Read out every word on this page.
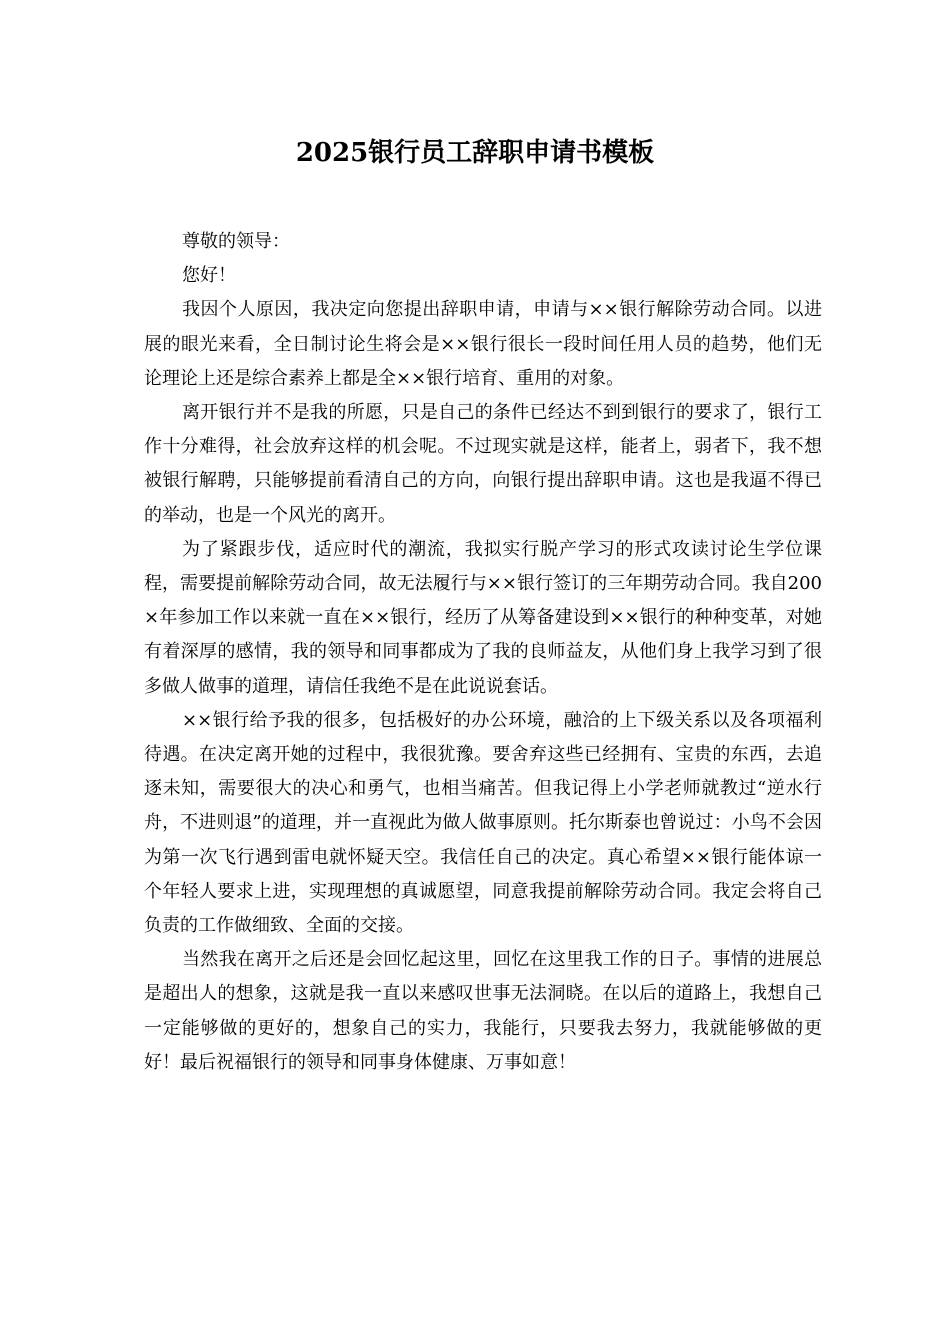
2025银行员工辞职申请书模板

尊敬的领导：

您好！

我因个人原因，我决定向您提出辞职申请，申请与××银行解除劳动合同。以进展的眼光来看，全日制讨论生将会是××银行很长一段时间任用人员的趋势，他们无论理论上还是综合素养上都是全××银行培育、重用的对象。

离开银行并不是我的所愿，只是自己的条件已经达不到到银行的要求了，银行工作十分难得，社会放弃这样的机会呢。不过现实就是这样，能者上，弱者下，我不想被银行解聘，只能够提前看清自己的方向，向银行提出辞职申请。这也是我逼不得已的举动，也是一个风光的离开。

为了紧跟步伐，适应时代的潮流，我拟实行脱产学习的形式攻读讨论生学位课程，需要提前解除劳动合同，故无法履行与××银行签订的三年期劳动合同。我自200×年参加工作以来就一直在××银行，经历了从筹备建设到××银行的种种变革，对她有着深厚的感情，我的领导和同事都成为了我的良师益友，从他们身上我学习到了很多做人做事的道理，请信任我绝不是在此说说套话。

××银行给予我的很多，包括极好的办公环境，融洽的上下级关系以及各项福利待遇。在决定离开她的过程中，我很犹豫。要舍弃这些已经拥有、宝贵的东西，去追逐未知，需要很大的决心和勇气，也相当痛苦。但我记得上小学老师就教过“逆水行舟，不进则退”的道理，并一直视此为做人做事原则。托尔斯泰也曾说过：小鸟不会因为第一次飞行遇到雷电就怀疑天空。我信任自己的决定。真心希望××银行能体谅一个年轻人要求上进，实现理想的真诚愿望，同意我提前解除劳动合同。我定会将自己负责的工作做细致、全面的交接。

当然我在离开之后还是会回忆起这里，回忆在这里我工作的日子。事情的进展总是超出人的想象，这就是我一直以来感叹世事无法洞晓。在以后的道路上，我想自己一定能够做的更好的，想象自己的实力，我能行，只要我去努力，我就能够做的更好！最后祝福银行的领导和同事身体健康、万事如意！
